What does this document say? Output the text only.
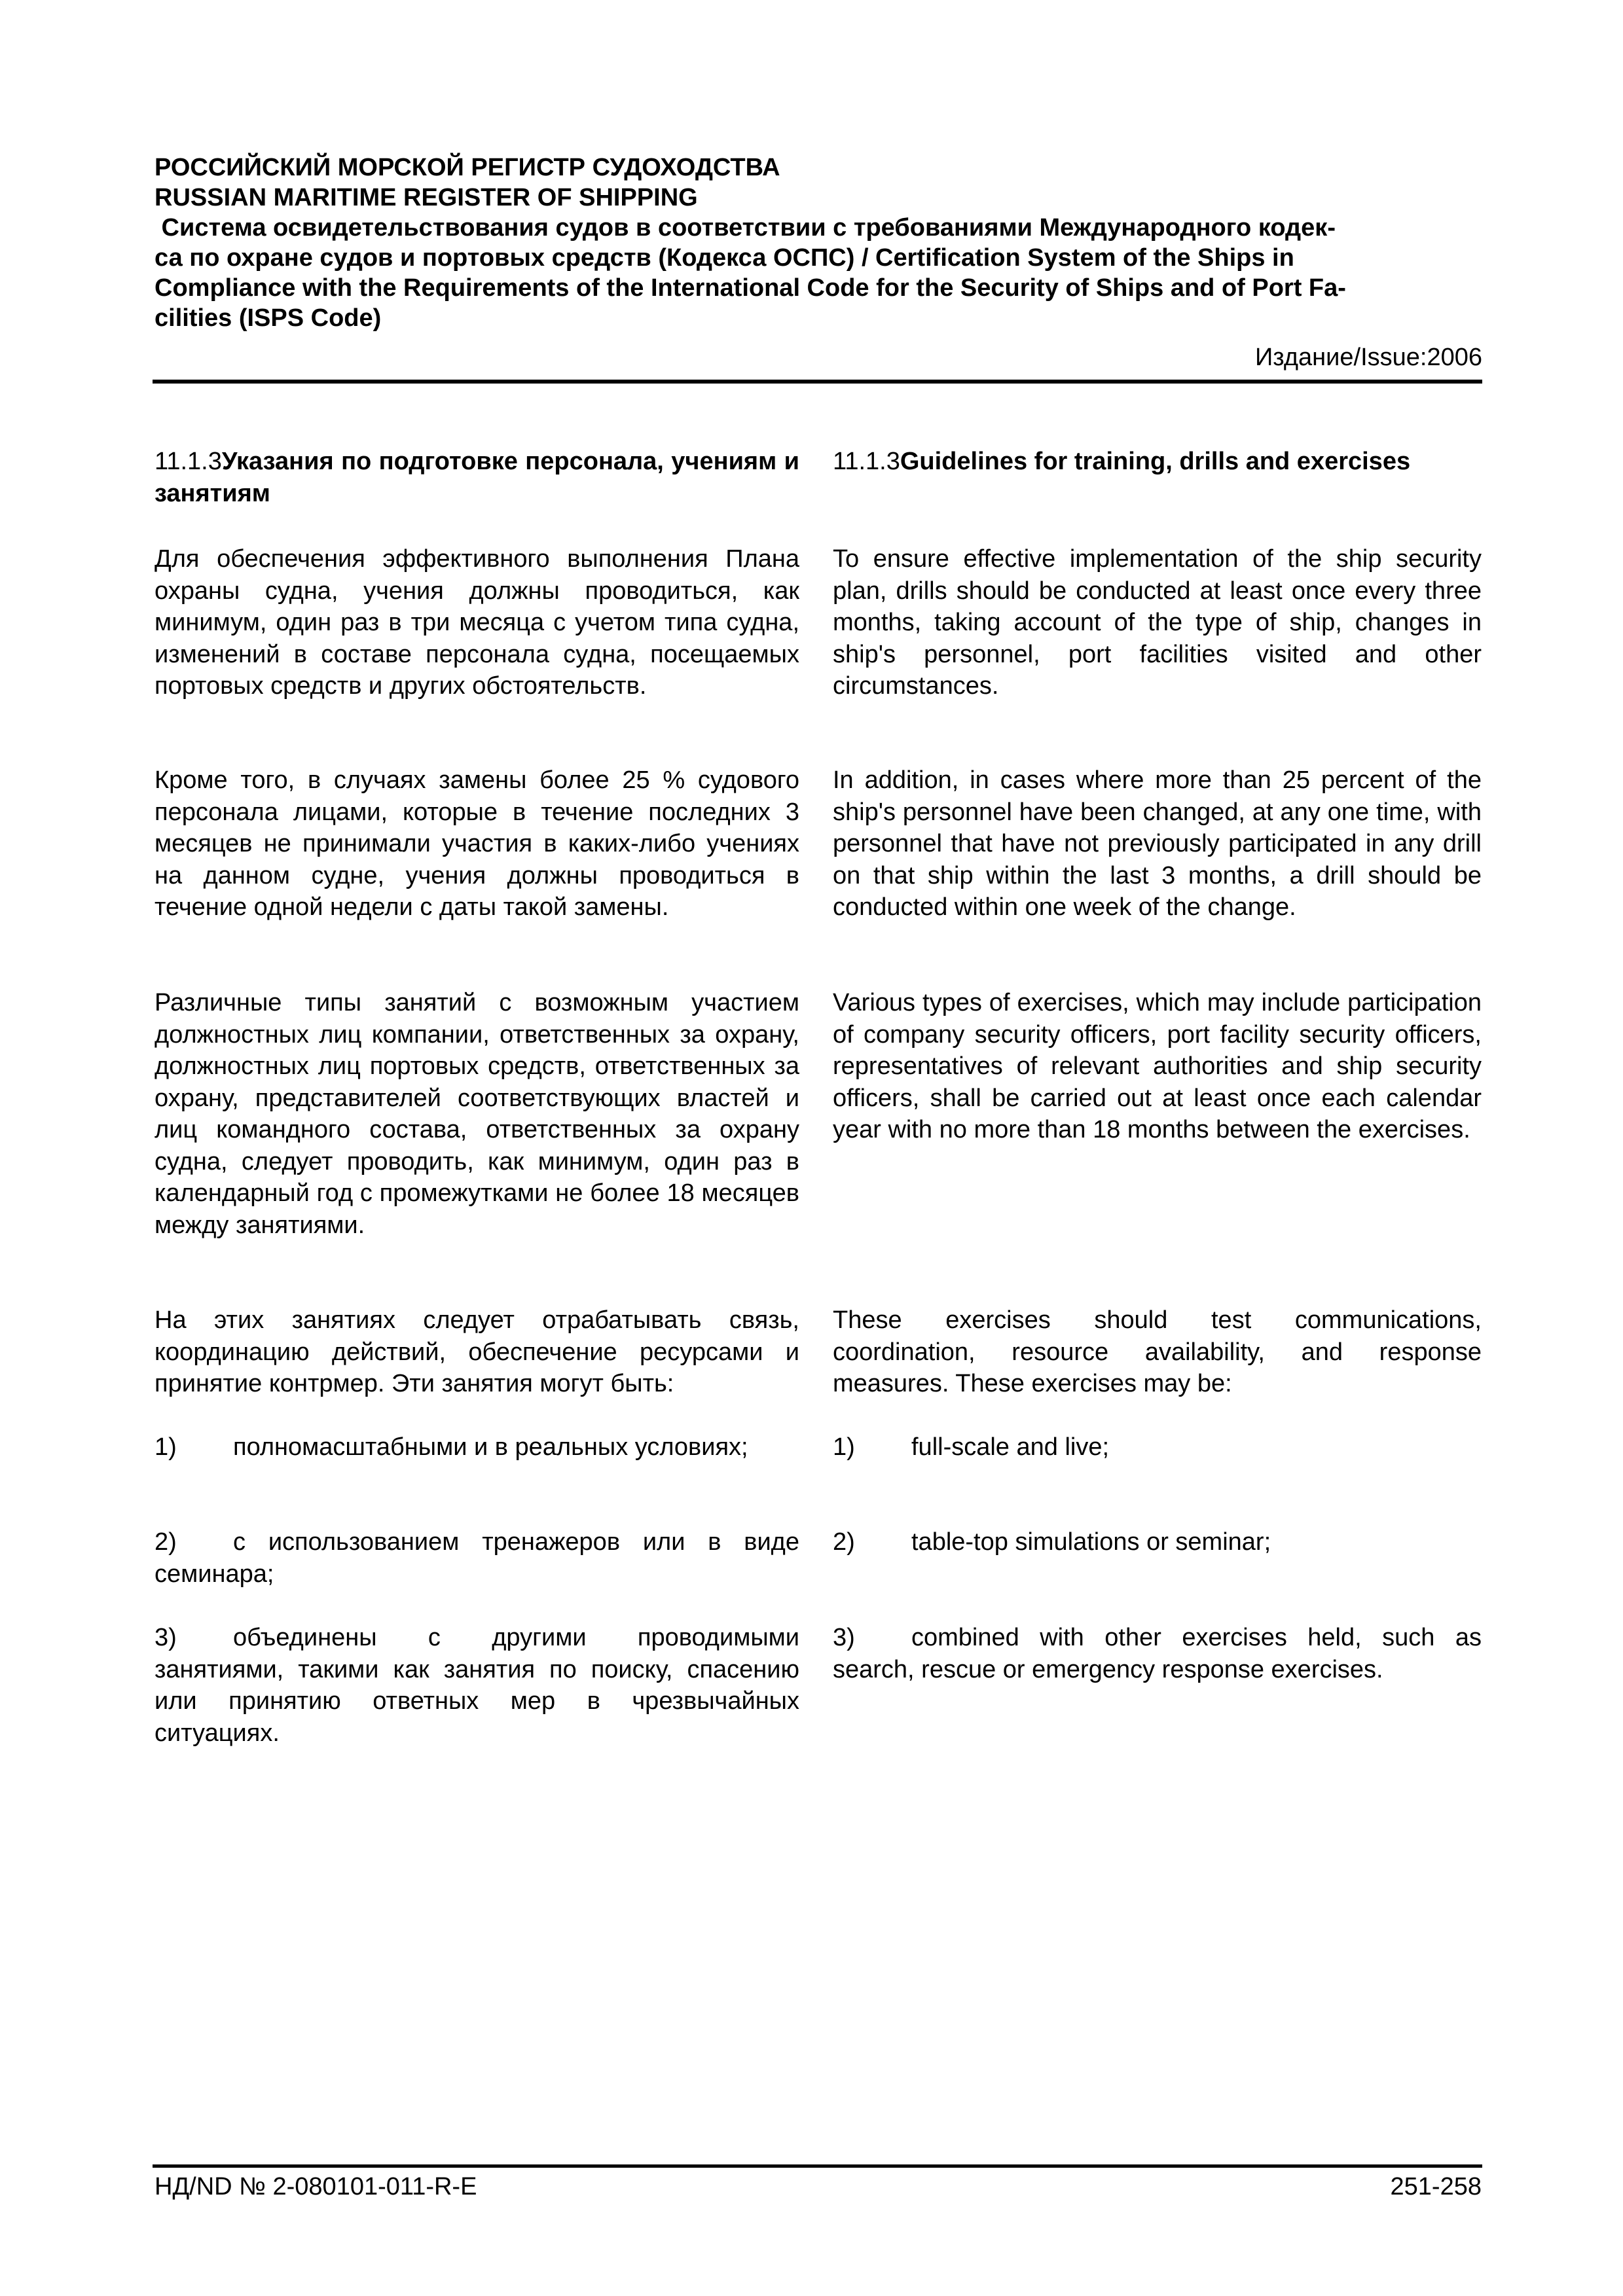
РОССИЙСКИЙ МОРСКОЙ РЕГИСТР СУДОХОДСТВА
RUSSIAN MARITIME REGISTER OF SHIPPING
Система освидетельствования судов в соответствии с требованиями Международного кодек-
са по охране судов и портовых средств (Кодекса ОСПС) / Certification System of the Ships in
Compliance with the Requirements of the International Code for the Security of Ships and of Port Fa-
cilities (ISPS Code)
Издание/Issue:2006
11.1.3Указания по подготовке персонала, учениям и занятиям
Для обеспечения эффективного выполнения Плана охраны судна, учения должны проводиться, как минимум, один раз в три месяца с учетом типа судна, изменений в составе персонала судна, посещаемых портовых средств и других обстоятельств.
Кроме того, в случаях замены более 25 % судового персонала лицами, которые в течение последних 3 месяцев не принимали участия в каких-либо учениях на данном судне, учения должны проводиться в течение одной недели с даты такой замены.
Различные типы занятий с возможным участием должностных лиц компании, ответственных за охрану, должностных лиц портовых средств, ответственных за охрану, представителей соответствующих властей и лиц командного состава, ответственных за охрану судна, следует проводить, как минимум, один раз в календарный год с промежутками не более 18 месяцев между занятиями.
На этих занятиях следует отрабатывать связь, координацию действий, обеспечение ресурсами и принятие контрмер. Эти занятия могут быть:
1) полномасштабными и в реальных условиях;
2) с использованием тренажеров или в виде семинара;
3) объединены с другими проводимыми занятиями, такими как занятия по поиску, спасению или принятию ответных мер в чрезвычайных ситуациях.
11.1.3Guidelines for training, drills and exercises
To ensure effective implementation of the ship security plan, drills should be conducted at least once every three months, taking account of the type of ship, changes in ship's personnel, port facilities visited and other circumstances.
In addition, in cases where more than 25 percent of the ship's personnel have been changed, at any one time, with personnel that have not previously participated in any drill on that ship within the last 3 months, a drill should be conducted within one week of the change.
Various types of exercises, which may include participation of company security officers, port facility security officers, representatives of relevant authorities and ship security officers, shall be carried out at least once each calendar year with no more than 18 months between the exercises.
These exercises should test communications, coordination, resource availability, and response measures. These exercises may be:
1) full-scale and live;
2) table-top simulations or seminar;
3) combined with other exercises held, such as search, rescue or emergency response exercises.
НД/ND № 2-080101-011-R-E	251-258
